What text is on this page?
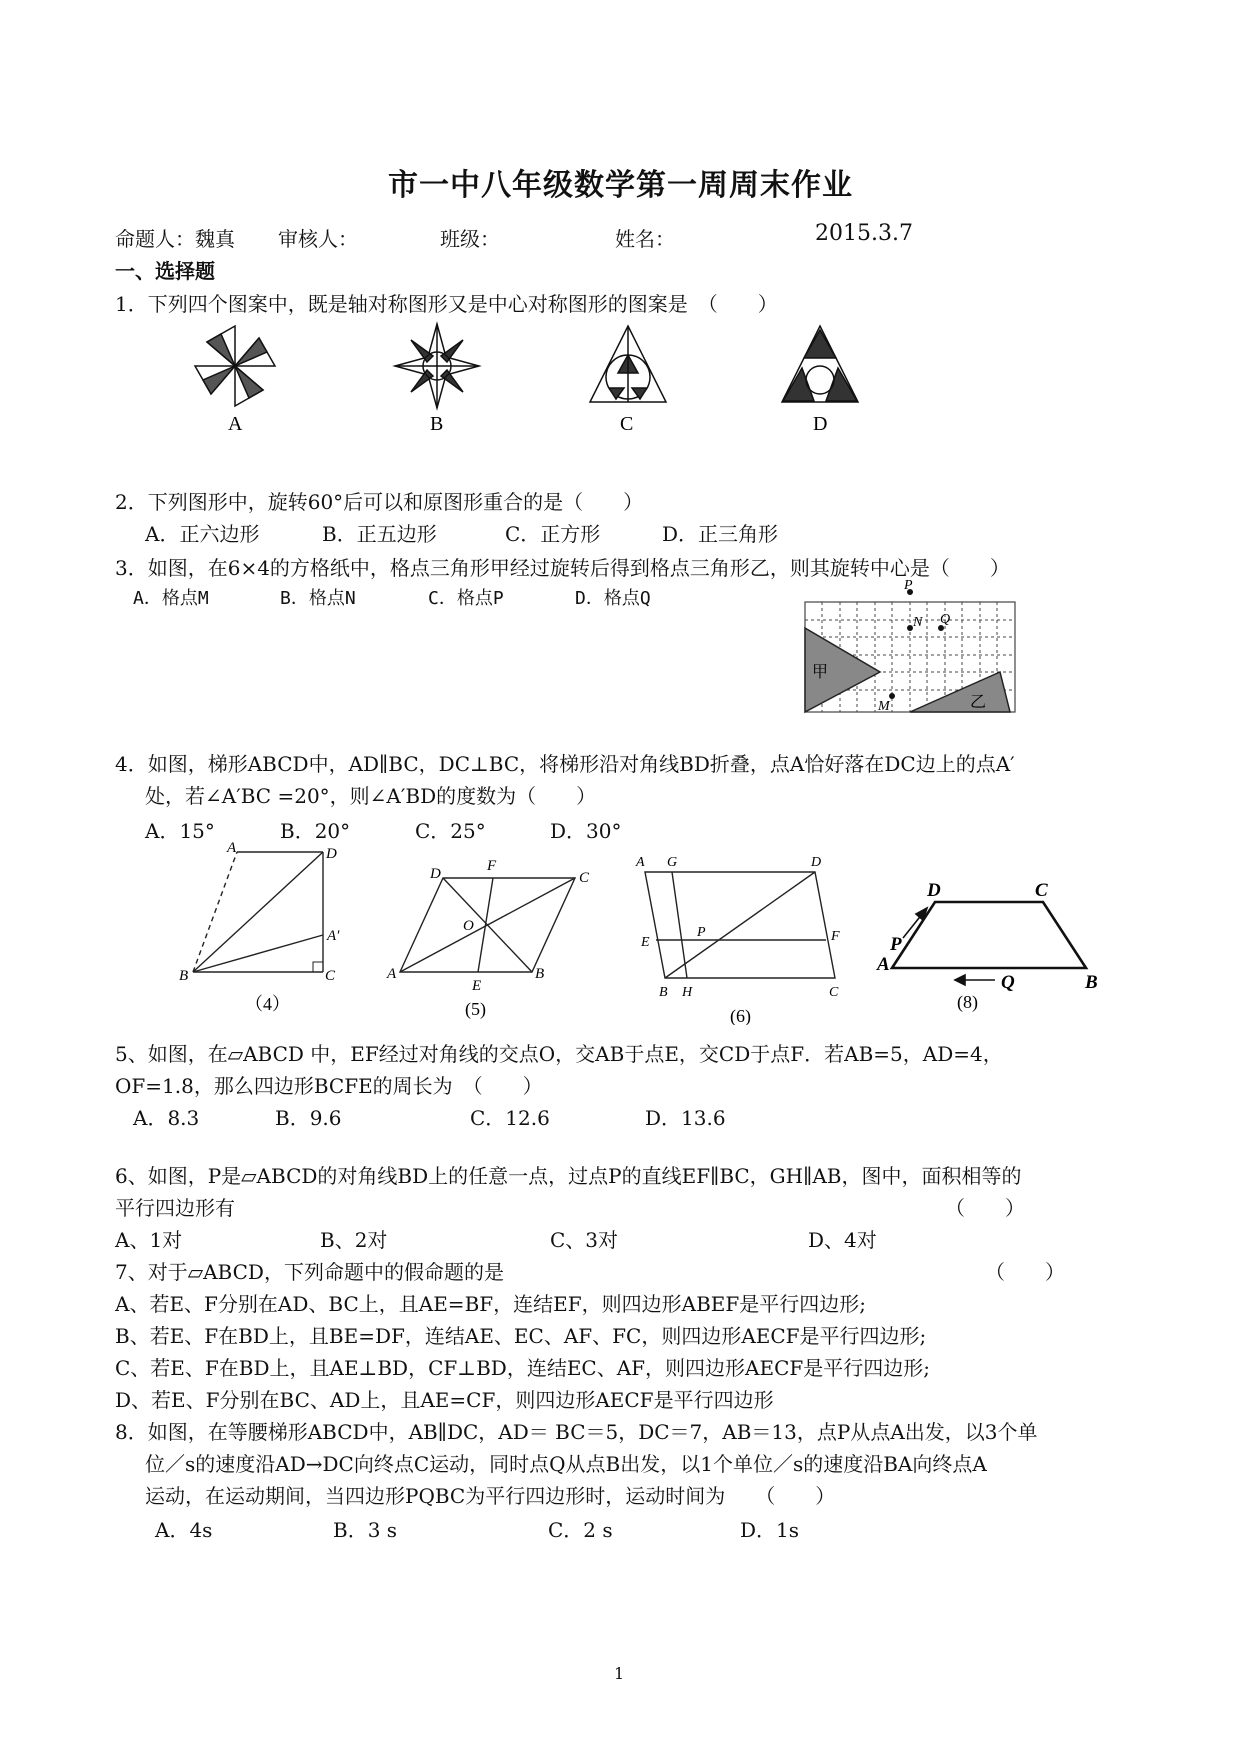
市一中八年级数学第一周周末作业
命题人：魏真 审核人：	班级：	姓名：	2015.3.7
一、选择题
1．下列四个图案中，既是轴对称图形又是中心对称图形的图案是　（　　）
A	B	C	D
2．下列图形中，旋转60°后可以和原图形重合的是（　　）
A．正六边形	B．正五边形	C．正方形	D．正三角形
3．如图，在6×4的方格纸中，格点三角形甲经过旋转后得到格点三角形乙，则其旋转中心是（　　）
A．格点M	B．格点N	C．格点P	D．格点Q
P
N Q
M
甲
乙
4．如图，梯形ABCD中，AD∥BC，DC⊥BC，将梯形沿对角线BD折叠，点A恰好落在DC边上的点A′
处，若∠A′BC =20°，则∠A′BD的度数为（　　）
A．15°	B．20°	C．25°	D．30°
A	D
A′
B	C
（4）
D	F
C
O
A
E
B
(5)
A G	D
E
P	F
B H	C
(6)
D	C
P
A
Q	B
(8)
5、如图，在▱ABCD 中，EF经过对角线的交点O，交AB于点E，交CD于点F．若AB=5，AD=4，
OF=1.8，那么四边形BCFE的周长为　（　　）
A．8.3	B．9.6	C．12.6	D．13.6
6、如图，P是▱ABCD的对角线BD上的任意一点，过点P的直线EF∥BC，GH∥AB，图中，面积相等的
平行四边形有	（　　）
A、1对	B、2对	C、3对	D、4对
7、对于▱ABCD，下列命题中的假命题的是	（　　）
A、若E、F分别在AD、BC上，且AE=BF，连结EF，则四边形ABEF是平行四边形;
B、若E、F在BD上，且BE=DF，连结AE、EC、AF、FC，则四边形AECF是平行四边形;
C、若E、F在BD上，且AE⊥BD，CF⊥BD，连结EC、AF，则四边形AECF是平行四边形;
D、若E、F分别在BC、AD上，且AE=CF，则四边形AECF是平行四边形
8．如图，在等腰梯形ABCD中，AB∥DC，AD＝ BC＝5，DC＝7，AB＝13，点P从点A出发，以3个单
位／s的速度沿AD→DC向终点C运动，同时点Q从点B出发，以1个单位／s的速度沿BA向终点A
运动，在运动期间，当四边形PQBC为平行四边形时，运动时间为　　（　　）
A．4s	B．3 s	C．2 s	D．1s
1
